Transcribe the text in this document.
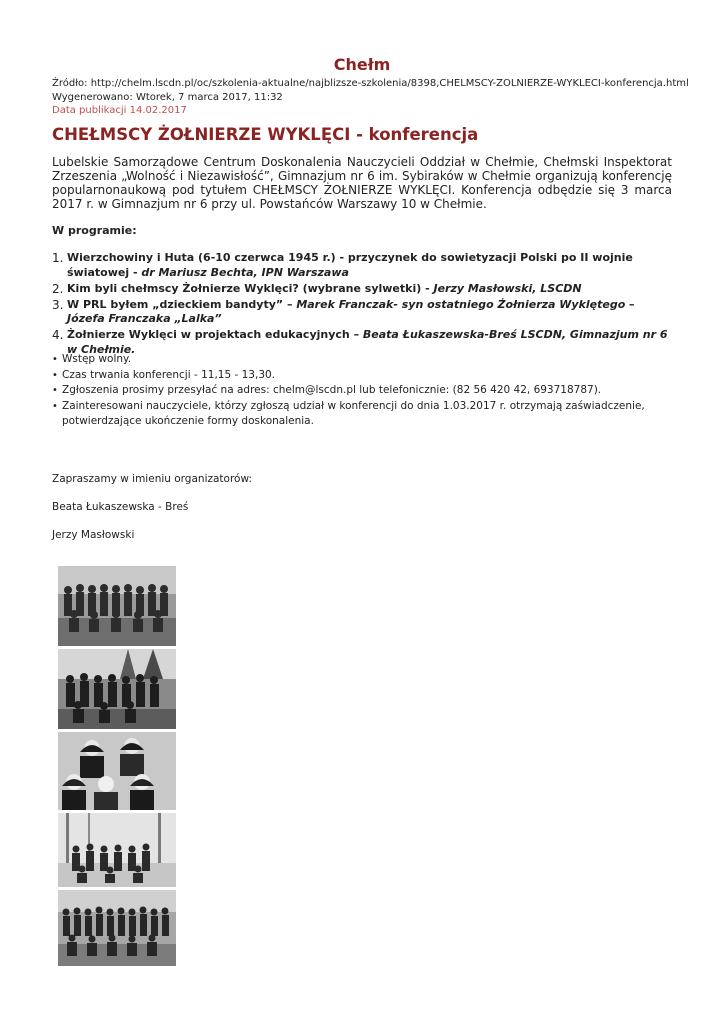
Chełm
Źródło: http://chelm.lscdn.pl/oc/szkolenia-aktualne/najblizsze-szkolenia/8398,CHELMSCY-ZOLNIERZE-WYKLECI-konferencja.html
Wygenerowano: Wtorek, 7 marca 2017, 11:32
Data publikacji 14.02.2017
CHEŁMSCY ŻOŁNIERZE WYKLĘCI - konferencja

Lubelskie Samorządowe Centrum Doskonalenia Nauczycieli Oddział w Chełmie, Chełmski Inspektorat Zrzeszenia „Wolność i Niezawisłość”, Gimnazjum nr 6 im. Sybiraków w Chełmie organizują konferencję popularnonaukową pod tytułem CHEŁMSCY ŻOŁNIERZE WYKLĘCI. Konferencja odbędzie się 3 marca 2017 r. w Gimnazjum nr 6 przy ul. Powstańców Warszawy 10 w Chełmie.

W programie:
1. Wierzchowiny i Huta (6-10 czerwca 1945 r.) - przyczynek do sowietyzacji Polski po II wojnie światowej - dr Mariusz Bechta, IPN Warszawa
2. Kim byli chełmscy Żołnierze Wyklęci? (wybrane sylwetki) - Jerzy Masłowski, LSCDN
3. W PRL byłem „dzieckiem bandyty” – Marek Franczak- syn ostatniego Żołnierza Wyklętego – Józefa Franczaka „Lalka”
4. Żołnierze Wyklęci w projektach edukacyjnych – Beata Łukaszewska-Breś LSCDN, Gimnazjum nr 6 w Chełmie.
• Wstęp wolny.
• Czas trwania konferencji - 11,15 - 13,30.
• Zgłoszenia prosimy przesyłać na adres: chelm@lscdn.pl lub telefonicznie: (82 56 420 42, 693718787).
• Zainteresowani nauczyciele, którzy zgłoszą udział w konferencji do dnia 1.03.2017 r. otrzymają zaświadczenie, potwierdzające ukończenie formy doskonalenia.
Zapraszamy w imieniu organizatorów:
Beata Łukaszewska - Breś
Jerzy Masłowski
